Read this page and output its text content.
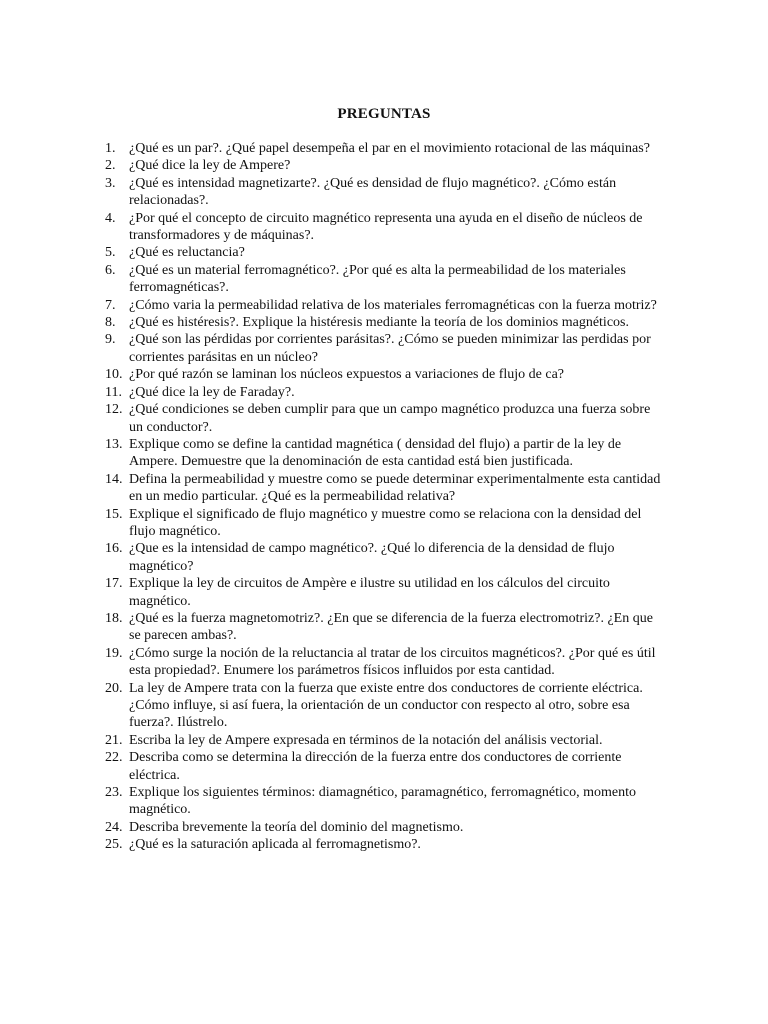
PREGUNTAS
1. ¿Qué es un par?. ¿Qué papel desempeña el par en el movimiento rotacional de las máquinas?
2. ¿Qué dice la ley de Ampere?
3. ¿Qué es intensidad magnetizarte?. ¿Qué es densidad de flujo magnético?. ¿Cómo están relacionadas?.
4. ¿Por qué el concepto de circuito magnético representa una ayuda en el diseño de núcleos de transformadores y de máquinas?.
5. ¿Qué es reluctancia?
6. ¿Qué es un material ferromagnético?. ¿Por qué es alta la permeabilidad de los materiales ferromagnéticas?.
7. ¿Cómo varia la permeabilidad relativa de los materiales ferromagnéticas con la fuerza motriz?
8. ¿Qué es histéresis?. Explique la histéresis mediante la teoría de los dominios magnéticos.
9. ¿Qué son las pérdidas por corrientes parásitas?. ¿Cómo se pueden minimizar las perdidas por corrientes parásitas en un núcleo?
10. ¿Por qué razón se laminan los núcleos expuestos a variaciones de flujo de ca?
11. ¿Qué dice la ley de Faraday?.
12. ¿Qué condiciones se deben cumplir para que un campo magnético produzca una fuerza sobre un conductor?.
13. Explique como se define la cantidad magnética ( densidad del flujo) a partir de la ley de Ampere. Demuestre que la denominación de esta cantidad está bien justificada.
14. Defina la permeabilidad y muestre como se puede determinar experimentalmente esta cantidad en un medio particular. ¿Qué es la permeabilidad relativa?
15. Explique el significado de flujo magnético y muestre como se relaciona con la densidad del flujo magnético.
16. ¿Que es la intensidad de campo magnético?. ¿Qué lo diferencia de la densidad de flujo magnético?
17. Explique la ley de circuitos de Ampère e ilustre su utilidad en los cálculos del circuito magnético.
18. ¿Qué es la fuerza magnetomotriz?. ¿En que se diferencia de la fuerza electromotriz?. ¿En que se parecen ambas?.
19. ¿Cómo surge la noción de la reluctancia al tratar de los circuitos magnéticos?. ¿Por qué es útil esta propiedad?. Enumere los parámetros físicos influidos por esta cantidad.
20. La ley de Ampere trata con la fuerza que existe entre dos conductores de corriente eléctrica. ¿Cómo influye, si así fuera, la orientación de un conductor con respecto al otro, sobre esa fuerza?. Ilústrelo.
21. Escriba la ley de Ampere expresada en términos de la notación del análisis vectorial.
22. Describa como se determina la dirección de la fuerza entre dos conductores de corriente eléctrica.
23. Explique los siguientes términos: diamagnético, paramagnético, ferromagnético, momento magnético.
24. Describa brevemente la teoría del dominio del magnetismo.
25. ¿Qué es la saturación aplicada al ferromagnetismo?.
